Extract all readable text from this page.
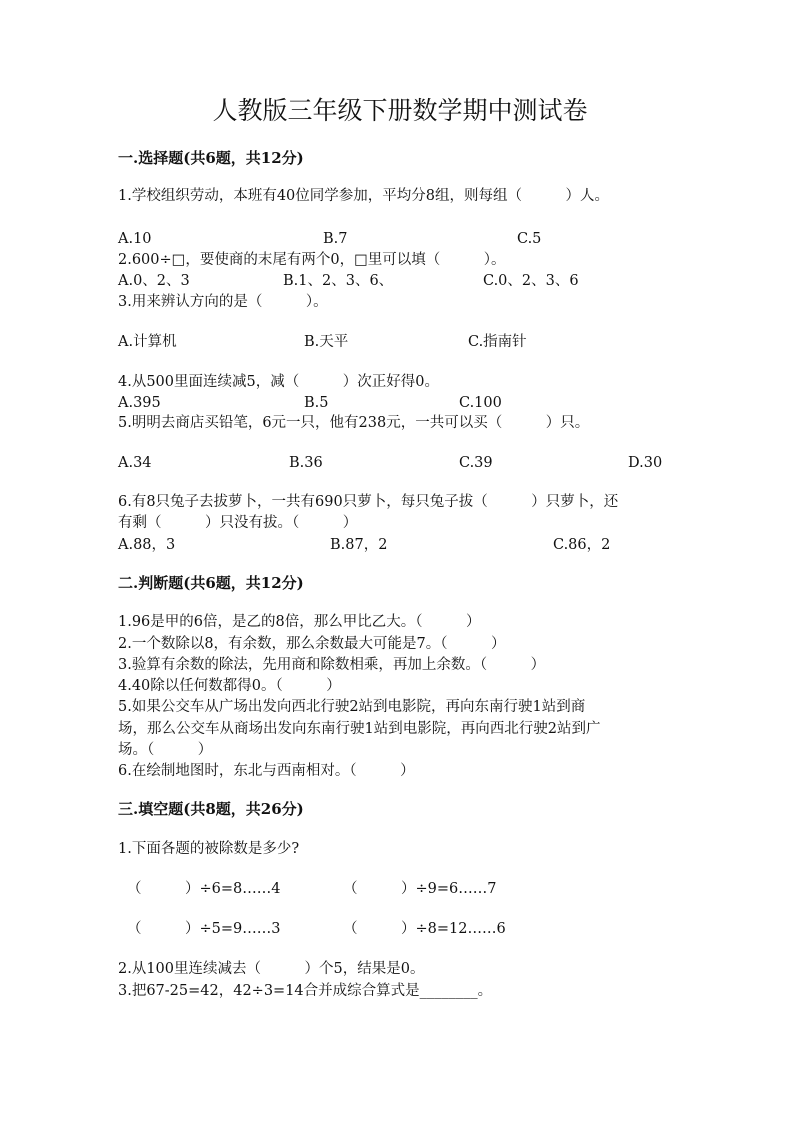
人教版三年级下册数学期中测试卷
一.选择题(共6题，共12分)
1.学校组织劳动，本班有40位同学参加，平均分8组，则每组（　　　）人。
A.10	B.7	C.5
2.600÷□，要使商的末尾有两个0，□里可以填（　　　）。
A.0、2、3	B.1、2、3、6、	C.0、2、3、6
3.用来辨认方向的是（　　　）。
A.计算机	B.天平	C.指南针
4.从500里面连续减5，减（　　　）次正好得0。
A.395	B.5	C.100
5.明明去商店买铅笔，6元一只，他有238元，一共可以买（　　　）只。
A.34	B.36	C.39	D.30
6.有8只兔子去拔萝卜，一共有690只萝卜，每只兔子拔（　　　）只萝卜，还
有剩（　　　）只没有拔。（　　　）
A.88，3	B.87，2	C.86，2
二.判断题(共6题，共12分)
1.96是甲的6倍，是乙的8倍，那么甲比乙大。（　　　）
2.一个数除以8，有余数，那么余数最大可能是7。（　　　）
3.验算有余数的除法，先用商和除数相乘，再加上余数。（　　　）
4.40除以任何数都得0。（　　　）
5.如果公交车从广场出发向西北行驶2站到电影院，再向东南行驶1站到商
场，那么公交车从商场出发向东南行驶1站到电影院，再向西北行驶2站到广
场。（　　　）
6.在绘制地图时，东北与西南相对。（　　　）
三.填空题(共8题，共26分)
1.下面各题的被除数是多少?
（　　　）÷6=8……4	（　　　）÷9=6……7
（　　　）÷5=9……3	（　　　）÷8=12……6
2.从100里连续减去（　　　）个5，结果是0。
3.把67-25=42，42÷3=14合并成综合算式是________。
